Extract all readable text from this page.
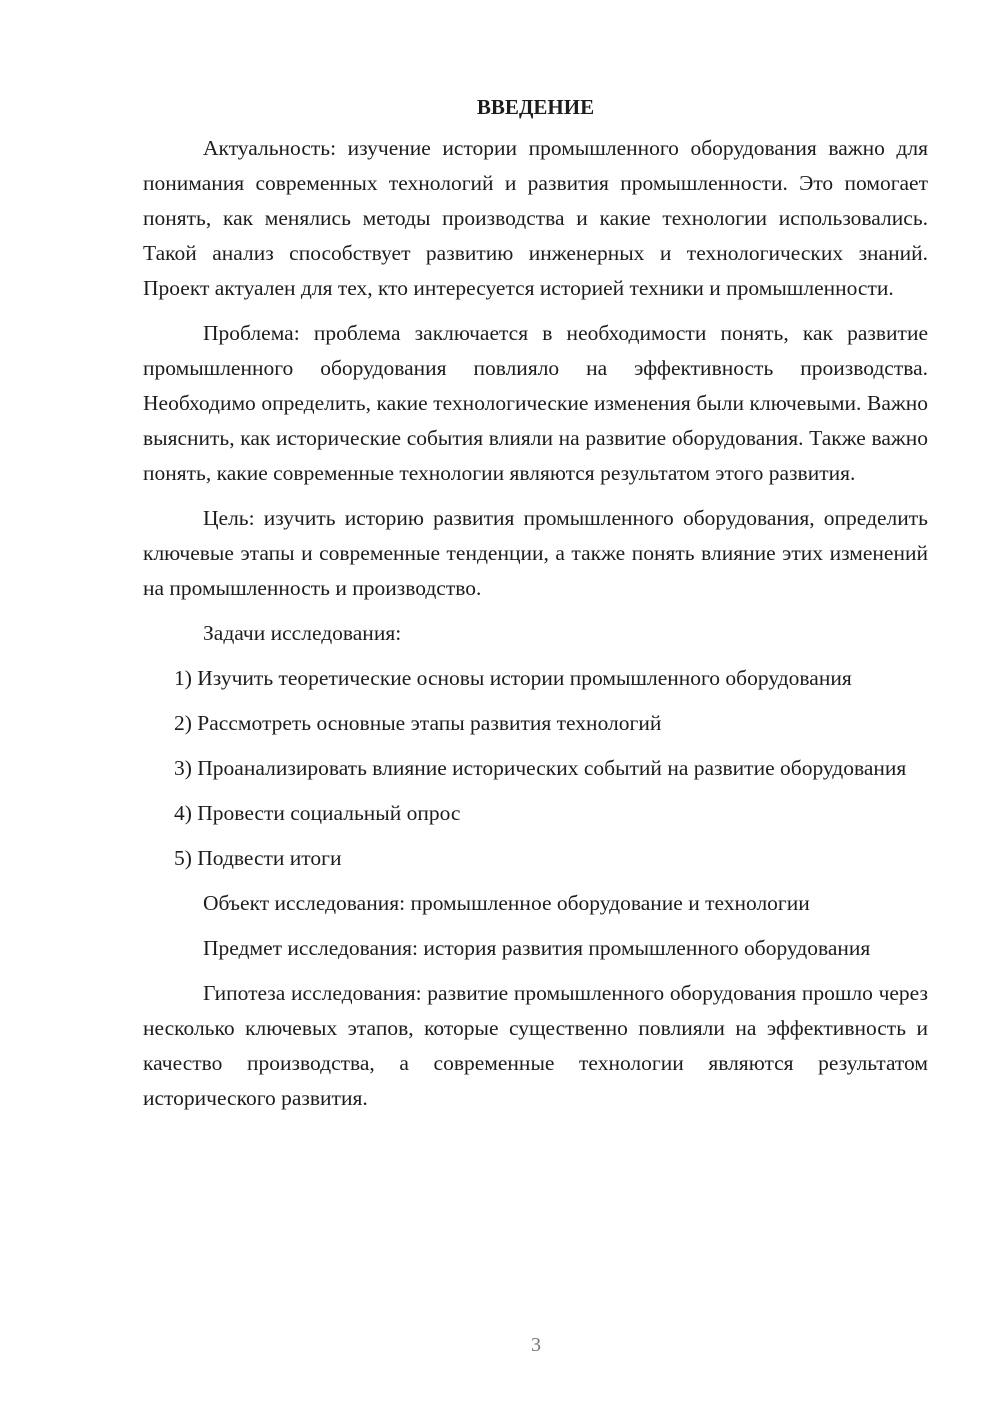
ВВЕДЕНИЕ

Актуальность: изучение истории промышленного оборудования важно для понимания современных технологий и развития промышленности. Это помогает понять, как менялись методы производства и какие технологии использовались. Такой анализ способствует развитию инженерных и технологических знаний. Проект актуален для тех, кто интересуется историей техники и промышленности.

Проблема: проблема заключается в необходимости понять, как развитие промышленного оборудования повлияло на эффективность производства. Необходимо определить, какие технологические изменения были ключевыми. Важно выяснить, как исторические события влияли на развитие оборудования. Также важно понять, какие современные технологии являются результатом этого развития.

Цель: изучить историю развития промышленного оборудования, определить ключевые этапы и современные тенденции, а также понять влияние этих изменений на промышленность и производство.

Задачи исследования:

1) Изучить теоретические основы истории промышленного оборудования

2) Рассмотреть основные этапы развития технологий

3) Проанализировать влияние исторических событий на развитие оборудования

4) Провести социальный опрос

5) Подвести итоги

Объект исследования: промышленное оборудование и технологии

Предмет исследования: история развития промышленного оборудования

Гипотеза исследования: развитие промышленного оборудования прошло через несколько ключевых этапов, которые существенно повлияли на эффективность и качество производства, а современные технологии являются результатом исторического развития.

3
